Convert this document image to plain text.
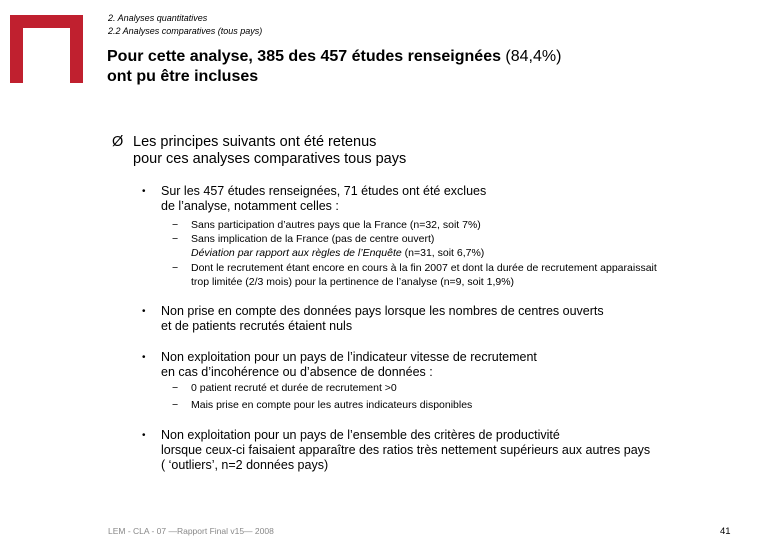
2. Analyses quantitatives
2.2 Analyses comparatives (tous pays)
Pour cette analyse, 385 des 457 études renseignées (84,4%)
ont pu être incluses
Ø Les principes suivants ont été retenus
pour ces analyses comparatives tous pays
• Sur les 457 études renseignées, 71 études ont été exclues
de l’analyse, notamment celles :
− Sans participation d’autres pays que la France (n=32, soit 7%)
− Sans implication de la France (pas de centre ouvert)
Déviation par rapport aux règles de l’Enquête (n=31, soit 6,7%)
− Dont le recrutement étant encore en cours à la fin 2007 et dont la durée de recrutement apparaissait
trop limitée (2/3 mois) pour la pertinence de l’analyse (n=9, soit 1,9%)
• Non prise en compte des données pays lorsque les nombres de centres ouverts
et de patients recrutés étaient nuls
• Non exploitation pour un pays de l’indicateur vitesse de recrutement
en cas d’incohérence ou d’absence de données :
− 0 patient recruté et durée de recrutement >0
− Mais prise en compte pour les autres indicateurs disponibles
• Non exploitation pour un pays de l’ensemble des critères de productivité
lorsque ceux-ci faisaient apparaître des ratios très nettement supérieurs aux autres pays
( ‘outliers’, n=2 données pays)
LEM - CLA - 07 —Rapport Final v15— 2008	41
